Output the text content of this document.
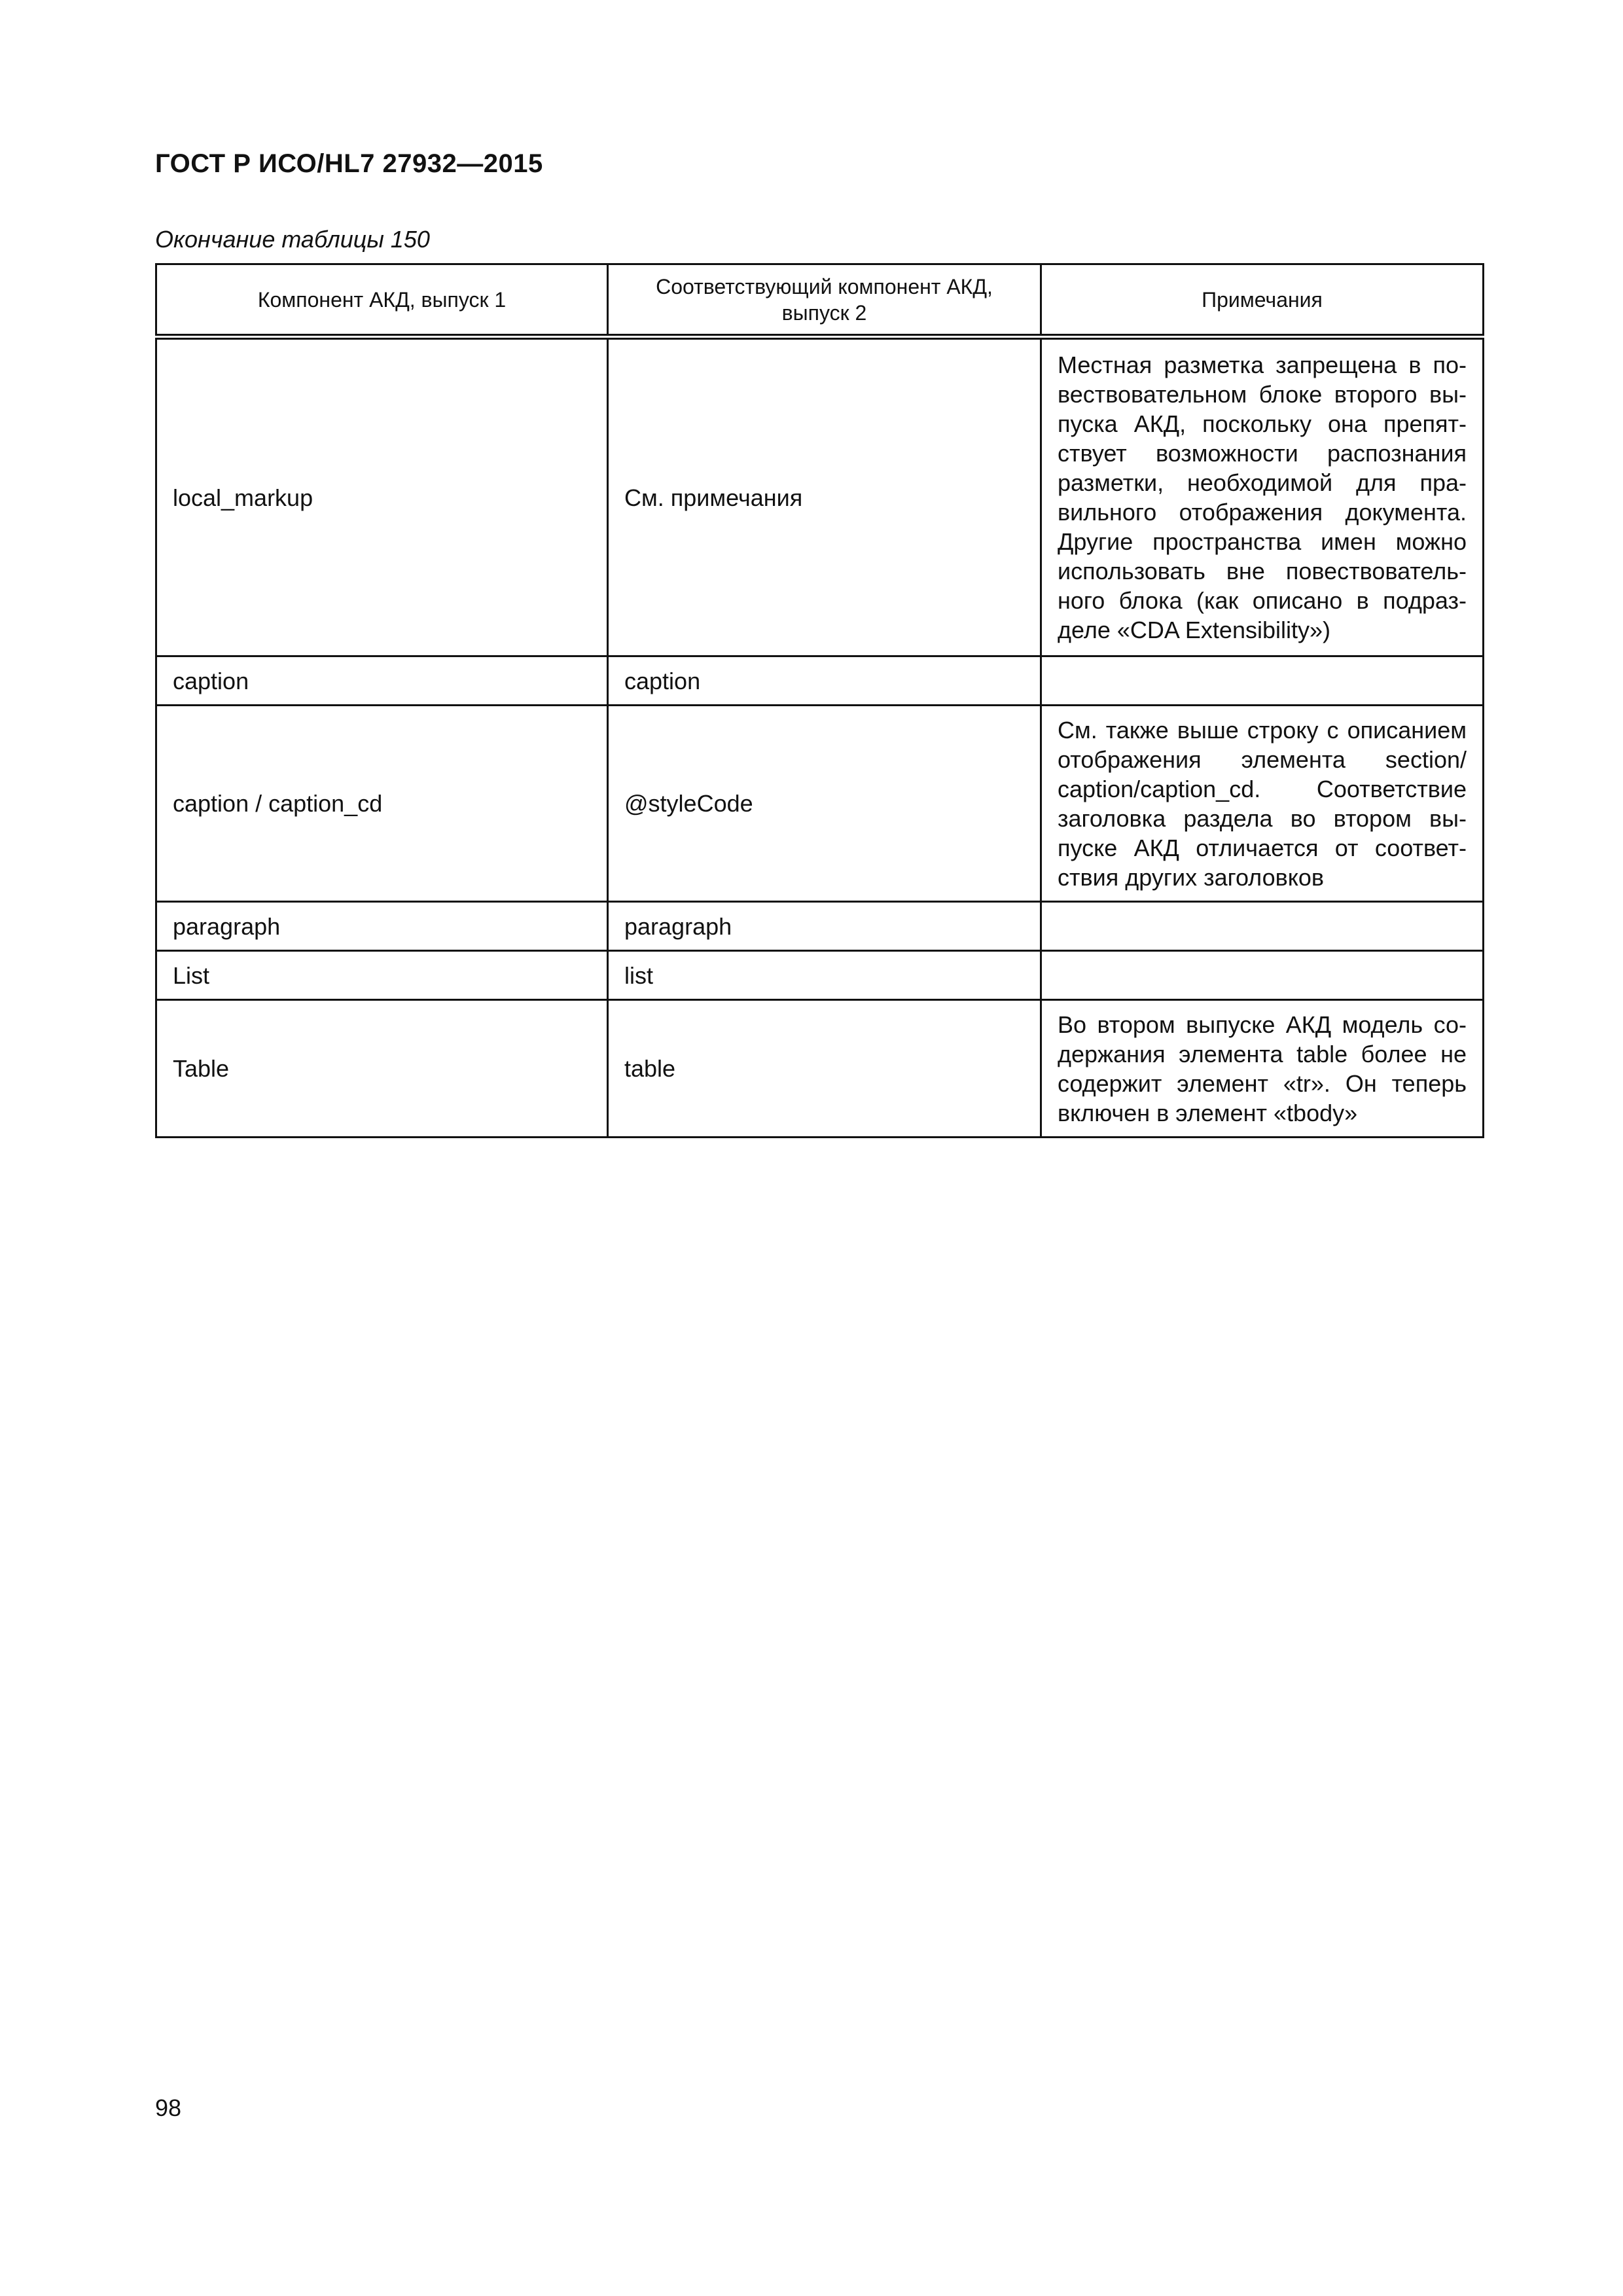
ГОСТ Р ИСО/HL7 27932—2015
Окончание таблицы 150
Компонент АКД, выпуск 1	Соответствующий компонент АКД, выпуск 2	Примечания
local_markup	См. примечания	Местная разметка запрещена в повествовательном блоке второго выпуска АКД, поскольку она препятствует возможности распознания разметки, необходимой для правильного отображения документа. Другие пространства имен можно использовать вне повествовательного блока (как описано в подразделе «CDA Extensibility»)
caption	caption	
caption / caption_cd	@styleCode	См. также выше строку с описанием отображения элемента section/ caption/caption_cd. Соответствие заголовка раздела во втором выпуске АКД отличается от соответствия других заголовков
paragraph	paragraph	
List	list	
Table	table	Во втором выпуске АКД модель содержания элемента table более не содержит элемент «tr». Он теперь включен в элемент «tbody»
98
